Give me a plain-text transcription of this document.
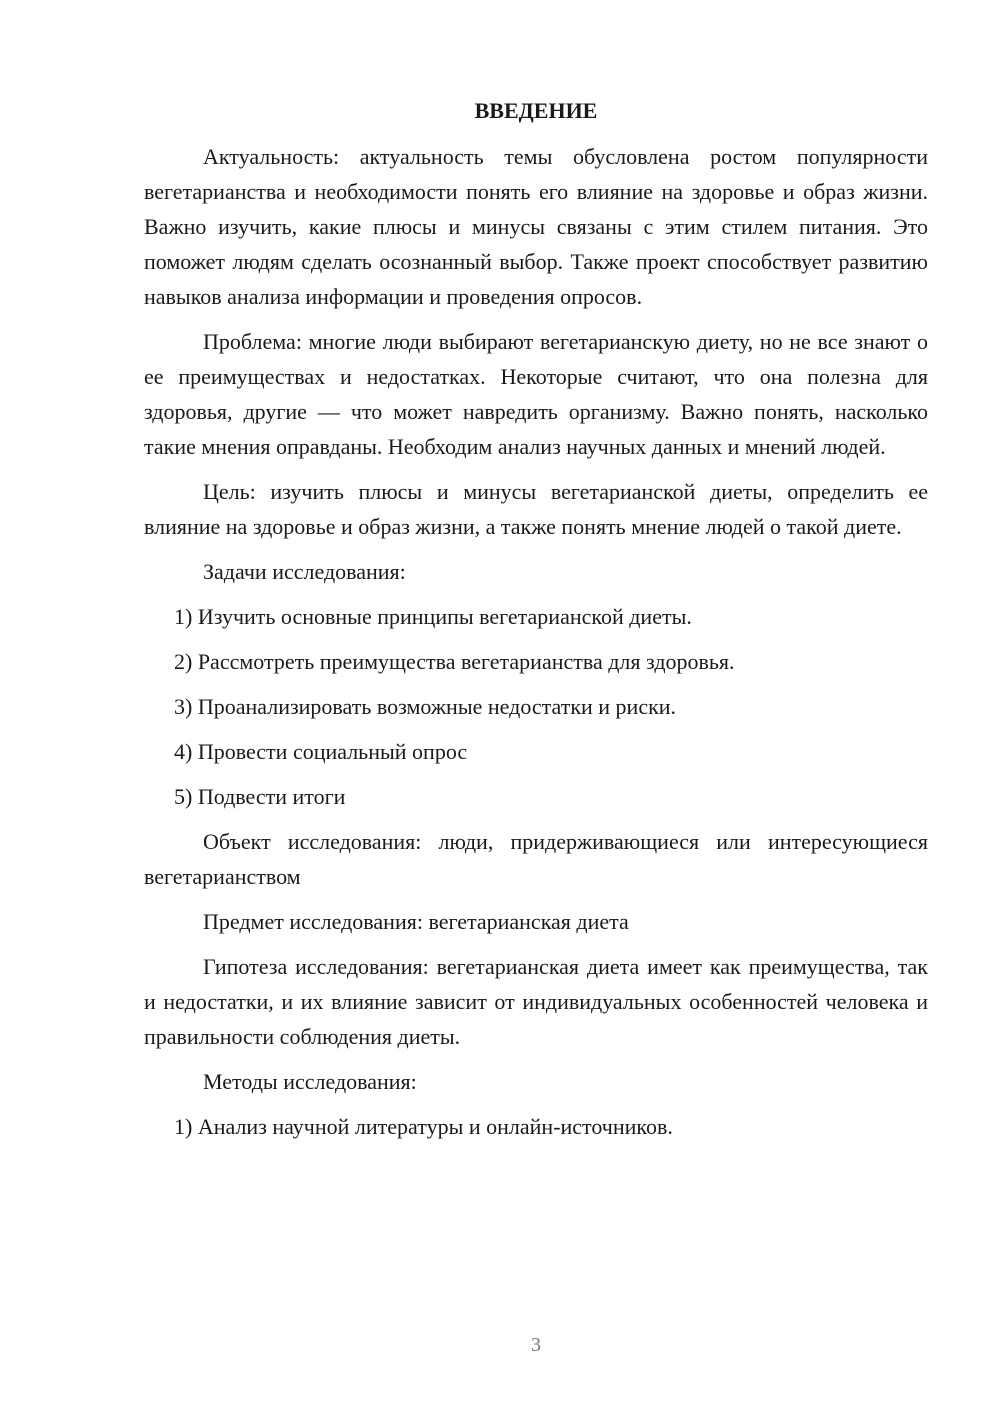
ВВЕДЕНИЕ

Актуальность: актуальность темы обусловлена ростом популярности вегетарианства и необходимости понять его влияние на здоровье и образ жизни. Важно изучить, какие плюсы и минусы связаны с этим стилем питания. Это поможет людям сделать осознанный выбор. Также проект способствует развитию навыков анализа информации и проведения опросов.

Проблема: многие люди выбирают вегетарианскую диету, но не все знают о ее преимуществах и недостатках. Некоторые считают, что она полезна для здоровья, другие — что может навредить организму. Важно понять, насколько такие мнения оправданы. Необходим анализ научных данных и мнений людей.

Цель: изучить плюсы и минусы вегетарианской диеты, определить ее влияние на здоровье и образ жизни, а также понять мнение людей о такой диете.

Задачи исследования:

1) Изучить основные принципы вегетарианской диеты.
2) Рассмотреть преимущества вегетарианства для здоровья.
3) Проанализировать возможные недостатки и риски.
4) Провести социальный опрос
5) Подвести итоги

Объект исследования: люди, придерживающиеся или интересующиеся вегетарианством

Предмет исследования: вегетарианская диета

Гипотеза исследования: вегетарианская диета имеет как преимущества, так и недостатки, и их влияние зависит от индивидуальных особенностей человека и правильности соблюдения диеты.

Методы исследования:

1) Анализ научной литературы и онлайн-источников.
3
